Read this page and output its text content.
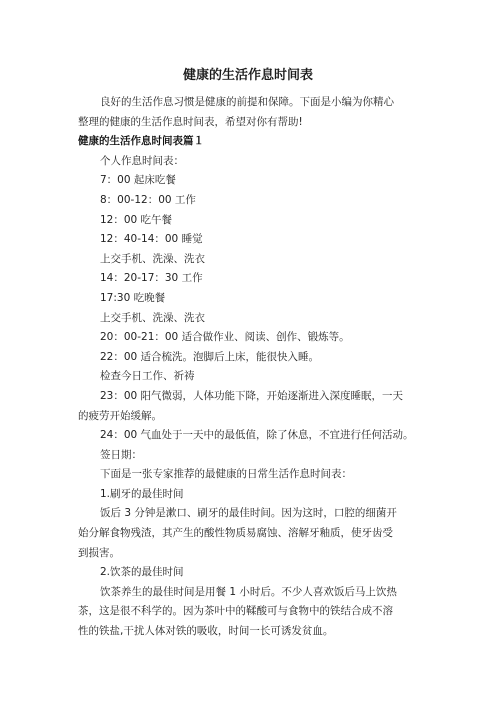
健康的生活作息时间表
良好的生活作息习惯是健康的前提和保障。下面是小编为你精心
整理的健康的生活作息时间表，希望对你有帮助!
健康的生活作息时间表篇１
个人作息时间表：
7：00 起床吃餐
8：00-12：00 工作
12：00 吃午餐
12：40-14：00 睡觉
上交手机、洗澡、洗衣
14：20-17：30 工作
17:30 吃晚餐
上交手机、洗澡、洗衣
20：00-21：00 适合做作业、阅读、创作、锻炼等。
22：00 适合梳洗。泡脚后上床，能很快入睡。
检查今日工作、祈祷
23：00 阳气微弱，人体功能下降，开始逐渐进入深度睡眠，一天
的疲劳开始缓解。
24：00 气血处于一天中的最低值，除了休息，不宜进行任何活动。
签日期：
下面是一张专家推荐的最健康的日常生活作息时间表：
1.刷牙的最佳时间
饭后 3 分钟是漱口、刷牙的最佳时间。因为这时，口腔的细菌开
始分解食物残渣，其产生的酸性物质易腐蚀、溶解牙釉质，使牙齿受
到损害。
2.饮茶的最佳时间
饮茶养生的最佳时间是用餐 1 小时后。不少人喜欢饭后马上饮热
茶，这是很不科学的。因为茶叶中的鞣酸可与食物中的铁结合成不溶
性的铁盐,干扰人体对铁的吸收，时间一长可诱发贫血。
